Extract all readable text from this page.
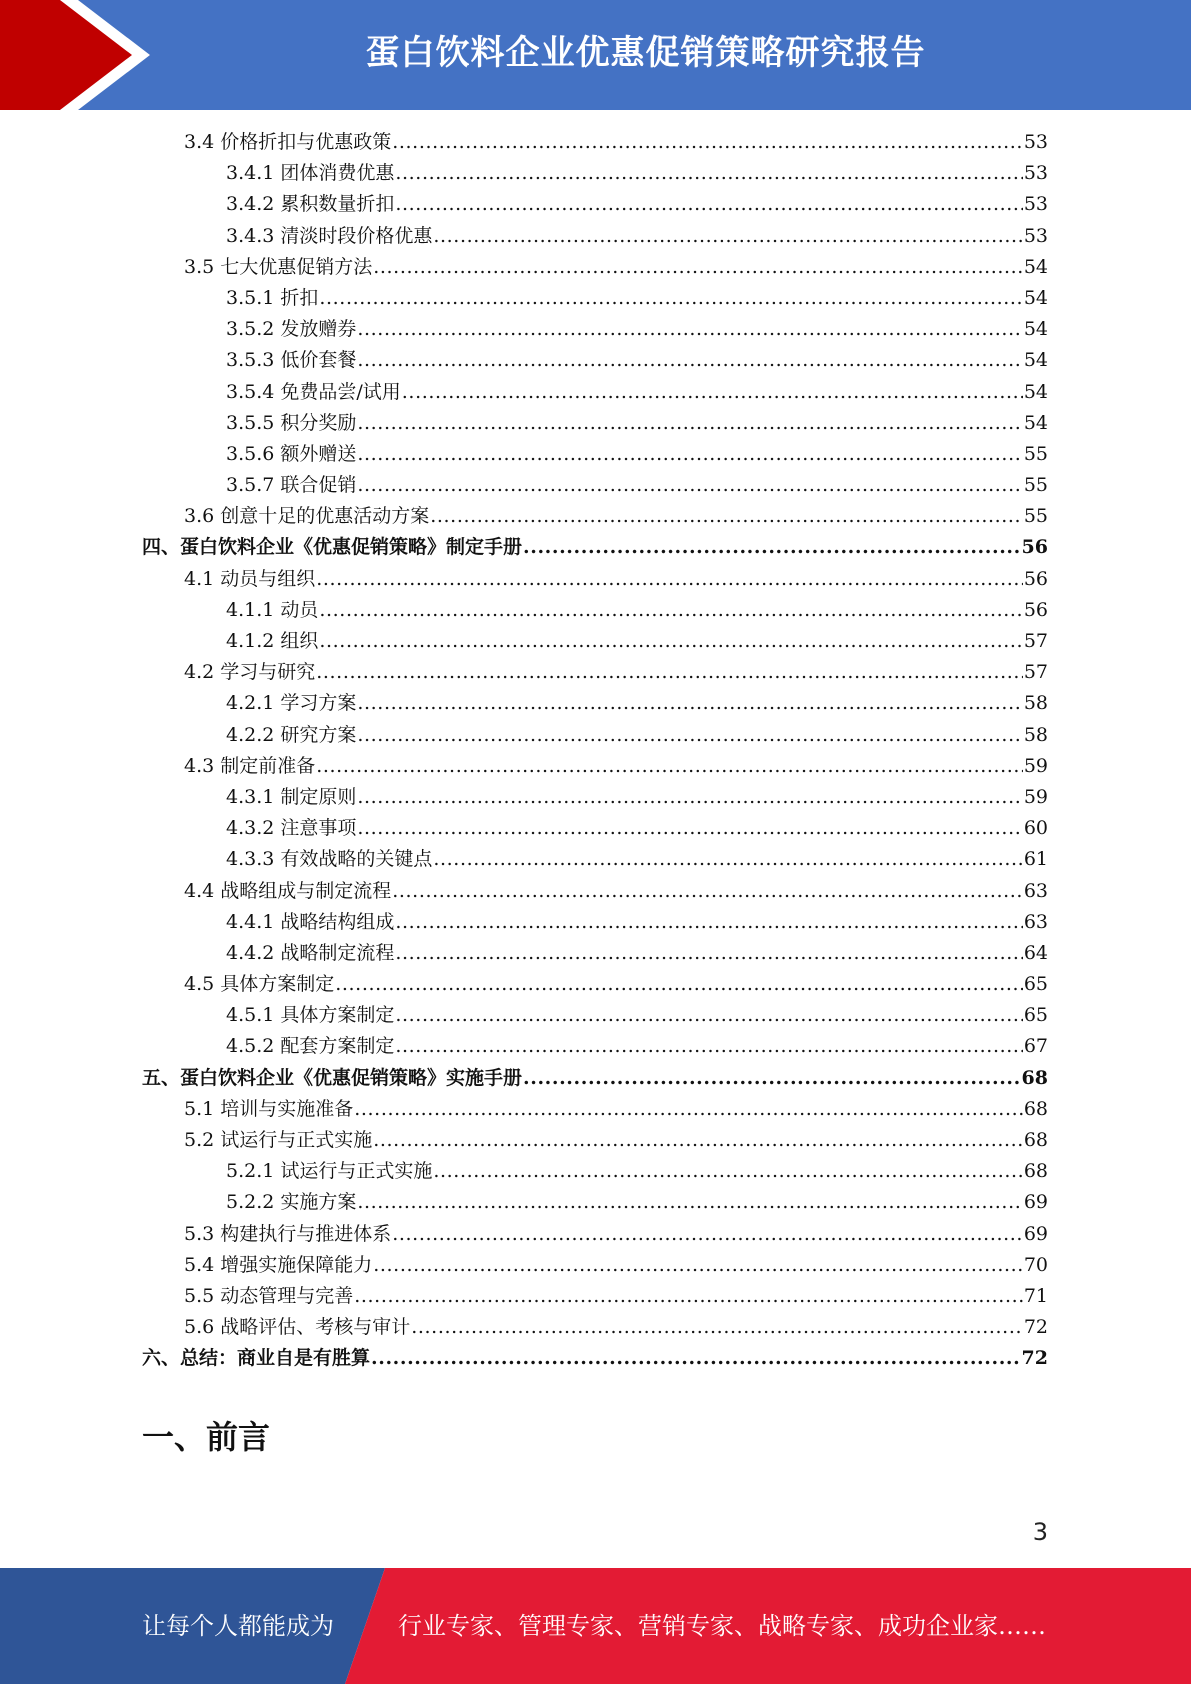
蛋白饮料企业优惠促销策略研究报告
3.4 价格折扣与优惠政策 .....	53
3.4.1 团体消费优惠 .....	53
3.4.2 累积数量折扣 .....	53
3.4.3 清淡时段价格优惠 .....	53
3.5 七大优惠促销方法 .....	54
3.5.1 折扣 .....	54
3.5.2 发放赠券 .....	54
3.5.3 低价套餐 .....	54
3.5.4 免费品尝/试用 .....	54
3.5.5 积分奖励 .....	54
3.5.6 额外赠送 .....	55
3.5.7 联合促销 .....	55
3.6 创意十足的优惠活动方案 .....	55
四、蛋白饮料企业《优惠促销策略》制定手册 .....	56
4.1 动员与组织 .....	56
4.1.1 动员 .....	56
4.1.2 组织 .....	57
4.2 学习与研究 .....	57
4.2.1 学习方案 .....	58
4.2.2 研究方案 .....	58
4.3 制定前准备 .....	59
4.3.1 制定原则 .....	59
4.3.2 注意事项 .....	60
4.3.3 有效战略的关键点 .....	61
4.4 战略组成与制定流程 .....	63
4.4.1 战略结构组成 .....	63
4.4.2 战略制定流程 .....	64
4.5 具体方案制定 .....	65
4.5.1 具体方案制定 .....	65
4.5.2 配套方案制定 .....	67
五、蛋白饮料企业《优惠促销策略》实施手册 .....	68
5.1 培训与实施准备 .....	68
5.2 试运行与正式实施 .....	68
5.2.1 试运行与正式实施 .....	68
5.2.2 实施方案 .....	69
5.3 构建执行与推进体系 .....	69
5.4 增强实施保障能力 .....	70
5.5 动态管理与完善 .....	71
5.6 战略评估、考核与审计 .....	72
六、总结：商业自是有胜算 .....	72
一、前言
3
让每个人都能成为	行业专家、管理专家、营销专家、战略专家、成功企业家……
